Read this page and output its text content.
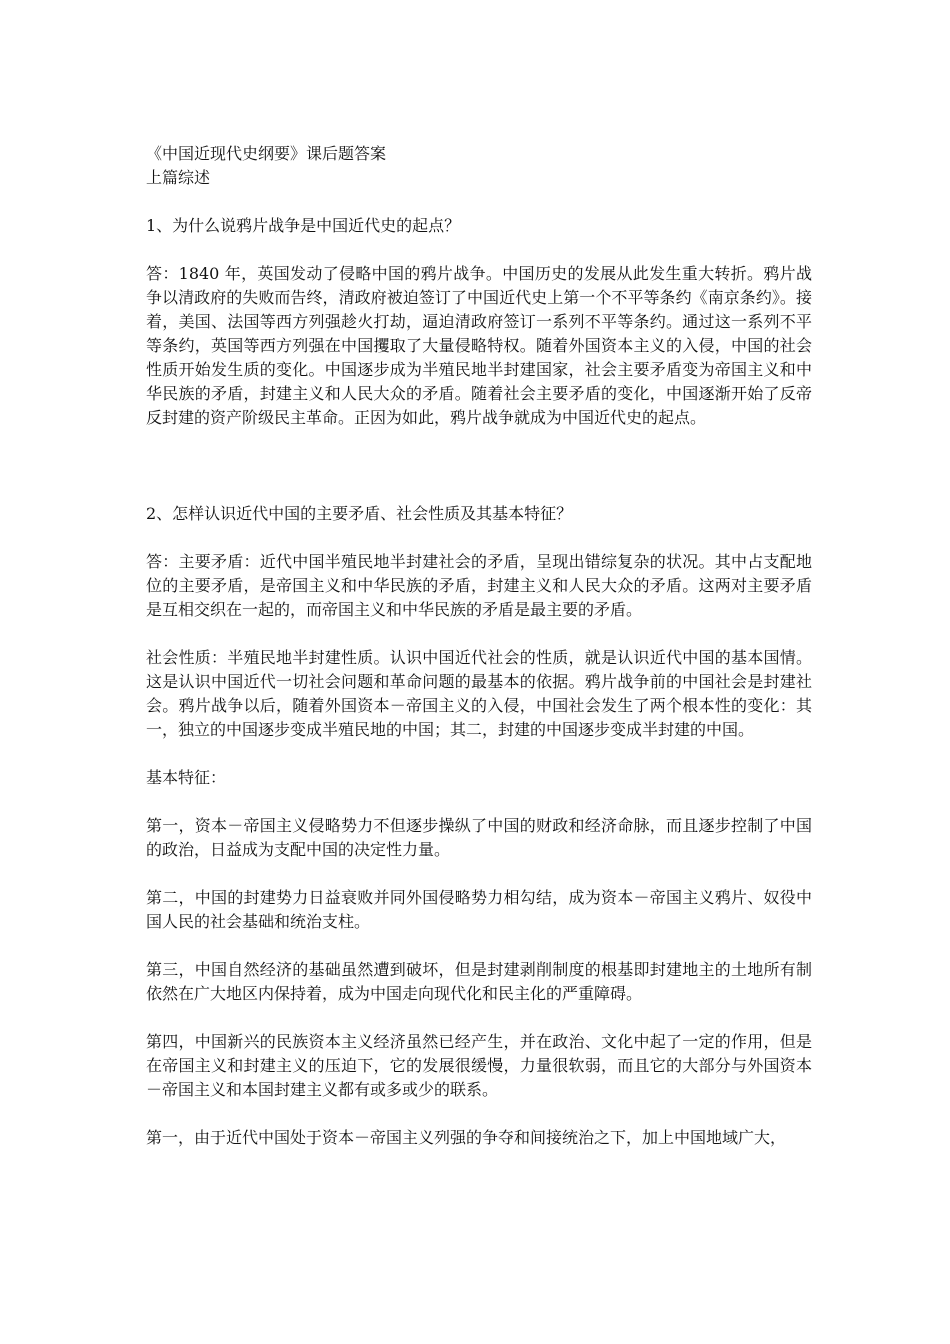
《中国近现代史纲要》课后题答案

上篇综述

1、为什么说鸦片战争是中国近代史的起点？

答：1840 年，英国发动了侵略中国的鸦片战争。中国历史的发展从此发生重大转折。鸦片战争以清政府的失败而告终，清政府被迫签订了中国近代史上第一个不平等条约《南京条约》。接着，美国、法国等西方列强趁火打劫，逼迫清政府签订一系列不平等条约。通过这一系列不平等条约，英国等西方列强在中国攫取了大量侵略特权。随着外国资本主义的入侵，中国的社会性质开始发生质的变化。中国逐步成为半殖民地半封建国家，社会主要矛盾变为帝国主义和中华民族的矛盾，封建主义和人民大众的矛盾。随着社会主要矛盾的变化，中国逐渐开始了反帝反封建的资产阶级民主革命。正因为如此，鸦片战争就成为中国近代史的起点。

2、怎样认识近代中国的主要矛盾、社会性质及其基本特征？

答：主要矛盾：近代中国半殖民地半封建社会的矛盾，呈现出错综复杂的状况。其中占支配地位的主要矛盾，是帝国主义和中华民族的矛盾，封建主义和人民大众的矛盾。这两对主要矛盾是互相交织在一起的，而帝国主义和中华民族的矛盾是最主要的矛盾。

社会性质：半殖民地半封建性质。认识中国近代社会的性质，就是认识近代中国的基本国情。这是认识中国近代一切社会问题和革命问题的最基本的依据。鸦片战争前的中国社会是封建社会。鸦片战争以后，随着外国资本－帝国主义的入侵，中国社会发生了两个根本性的变化：其一，独立的中国逐步变成半殖民地的中国；其二，封建的中国逐步变成半封建的中国。

基本特征：

第一，资本－帝国主义侵略势力不但逐步操纵了中国的财政和经济命脉，而且逐步控制了中国的政治，日益成为支配中国的决定性力量。

第二，中国的封建势力日益衰败并同外国侵略势力相勾结，成为资本－帝国主义鸦片、奴役中国人民的社会基础和统治支柱。

第三，中国自然经济的基础虽然遭到破坏，但是封建剥削制度的根基即封建地主的土地所有制依然在广大地区内保持着，成为中国走向现代化和民主化的严重障碍。

第四，中国新兴的民族资本主义经济虽然已经产生，并在政治、文化中起了一定的作用，但是在帝国主义和封建主义的压迫下，它的发展很缓慢，力量很软弱，而且它的大部分与外国资本－帝国主义和本国封建主义都有或多或少的联系。

第一，由于近代中国处于资本－帝国主义列强的争夺和间接统治之下，加上中国地域广大，
